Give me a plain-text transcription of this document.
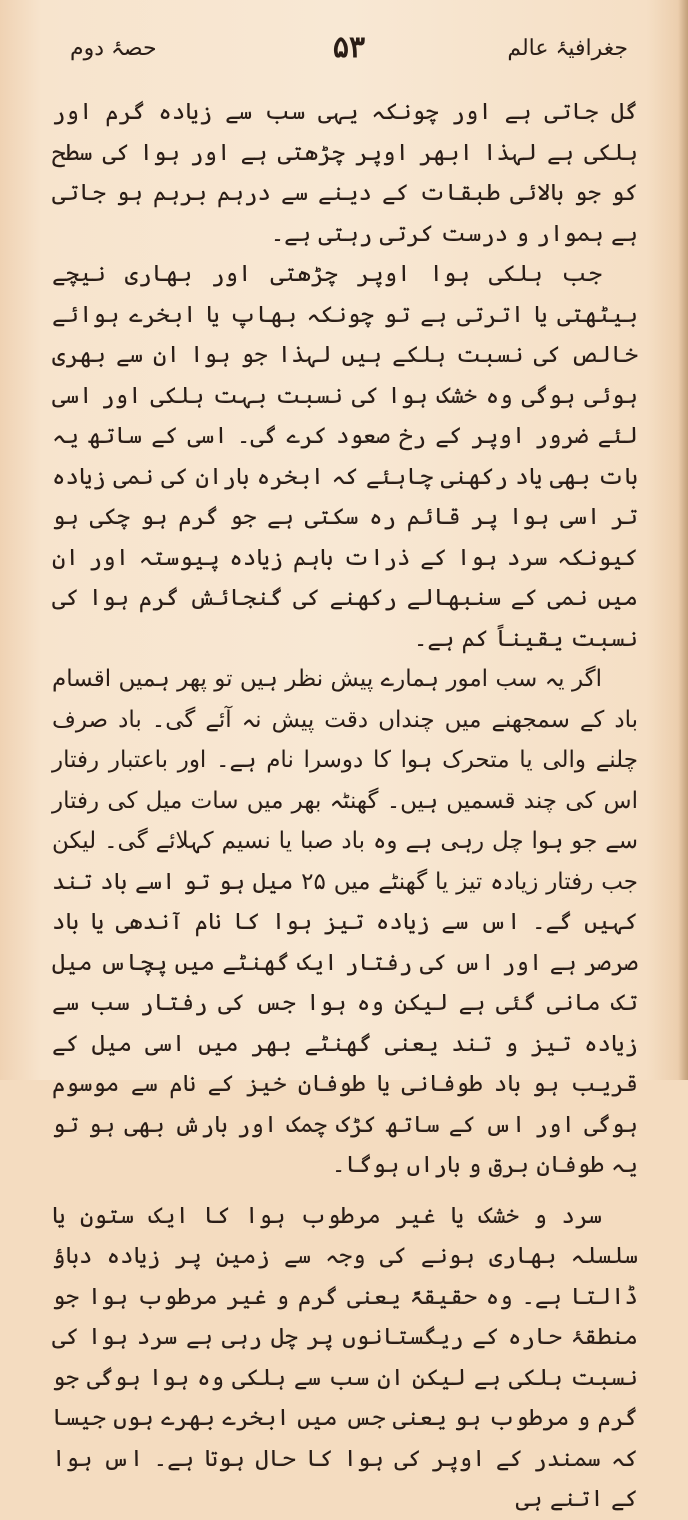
جغرافیۂ عالم
۵۳
حصۂ دوم

گل جاتی ہے اور چونکہ یہی سب سے زیادہ گرم اور ہلکی ہے لہذا ابھر اوپر چڑھتی ہے اور ہوا کی سطح کو جو بالائی طبقات کے دینے سے درہم برہم ہو جاتی ہے ہموار و درست کرتی رہتی ہے۔

جب ہلکی ہوا اوپر چڑھتی اور بھاری نیچے بیٹھتی یا اترتی ہے تو چونکہ بھاپ یا ابخرے ہوائے خالص کی نسبت ہلکے ہیں لہذا جو ہوا ان سے بھری ہوئی ہوگی وہ خشک ہوا کی نسبت بہت ہلکی اور اسی لئے ضرور اوپر کے رخ صعود کرے گی۔ اسی کے ساتھ یہ بات بھی یاد رکھنی چاہئے کہ ابخرہ باران کی نمی زیادہ تر اسی ہوا پر قائم رہ سکتی ہے جو گرم ہو چکی ہو کیونکہ سرد ہوا کے ذرات باہم زیادہ پیوستہ اور ان میں نمی کے سنبھالے رکھنے کی گنجائش گرم ہوا کی نسبت یقیناً کم ہے۔

اگر یہ سب امور ہمارے پیش نظر ہیں تو پھر ہمیں اقسام باد کے سمجھنے میں چنداں دقت پیش نہ آئے گی۔ باد صرف چلنے والی یا متحرک ہوا کا دوسرا نام ہے۔ اور باعتبار رفتار اس کی چند قسمیں ہیں۔ گھنٹہ بھر میں سات میل کی رفتار سے جو ہوا چل رہی ہے وہ باد صبا یا نسیم کہلائے گی۔ لیکن جب رفتار زیادہ تیز یا گھنٹے میں ۲۵ میل ہو تو اسے باد تند کہیں گے۔ اس سے زیادہ تیز ہوا کا نام آندھی یا باد صرصر ہے اور اس کی رفتار ایک گھنٹے میں پچاس میل تک مانی گئی ہے لیکن وہ ہوا جس کی رفتار سب سے زیادہ تیز و تند یعنی گھنٹے بھر میں اسی میل کے قریب ہو باد طوفانی یا طوفان خیز کے نام سے موسوم ہوگی اور اس کے ساتھ کڑک چمک اور بارش بھی ہو تو یہ طوفان برق و باراں ہوگا۔

سرد و خشک یا غیر مرطوب ہوا کا ایک ستون یا سلسلہ بھاری ہونے کی وجہ سے زمین پر زیادہ دباؤ ڈالتا ہے۔ وہ حقیقۃً یعنی گرم و غیر مرطوب ہوا جو منطقۂ حارہ کے ریگستانوں پر چل رہی ہے سرد ہوا کی نسبت ہلکی ہے لیکن ان سب سے ہلکی وہ ہوا ہوگی جو گرم و مرطوب ہو یعنی جس میں ابخرے بھرے ہوں جیسا کہ سمندر کے اوپر کی ہوا کا حال ہوتا ہے۔ اس ہوا کے اتنے ہی
